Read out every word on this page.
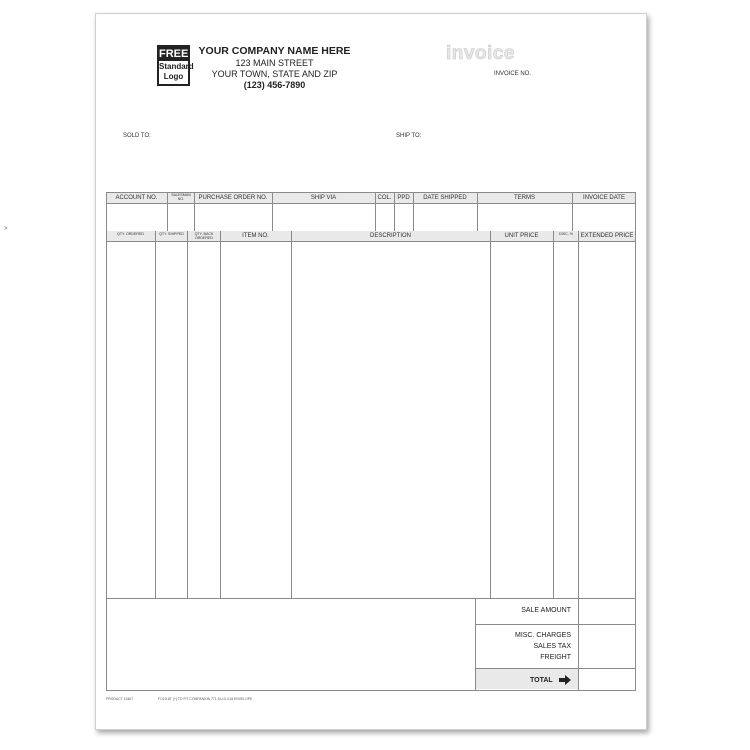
FREE
Standard
Logo
YOUR COMPANY NAME HERE
123 MAIN STREET
YOUR TOWN, STATE AND ZIP
(123) 456-7890
invoice
INVOICE NO.
SOLD TO:	SHIP TO:
ACCOUNT NO.	SALESMAN NO.	PURCHASE ORDER NO.	SHIP VIA	COL. PPD	DATE SHIPPED	TERMS	INVOICE DATE
QTY. ORDERED	QTY. SHIPPED	QTY. BACK ORDERED	ITEM NO.	DESCRIPTION	UNIT PRICE	DISC. %	EXTENDED PRICE
SALE AMOUNT
MISC. CHARGES
SALES TAX
FREIGHT
TOTAL
PRODUCT 13467	FOLD AT (+) TO FIT COMPANION 771 DU-G-016 ENVELOPE
>
